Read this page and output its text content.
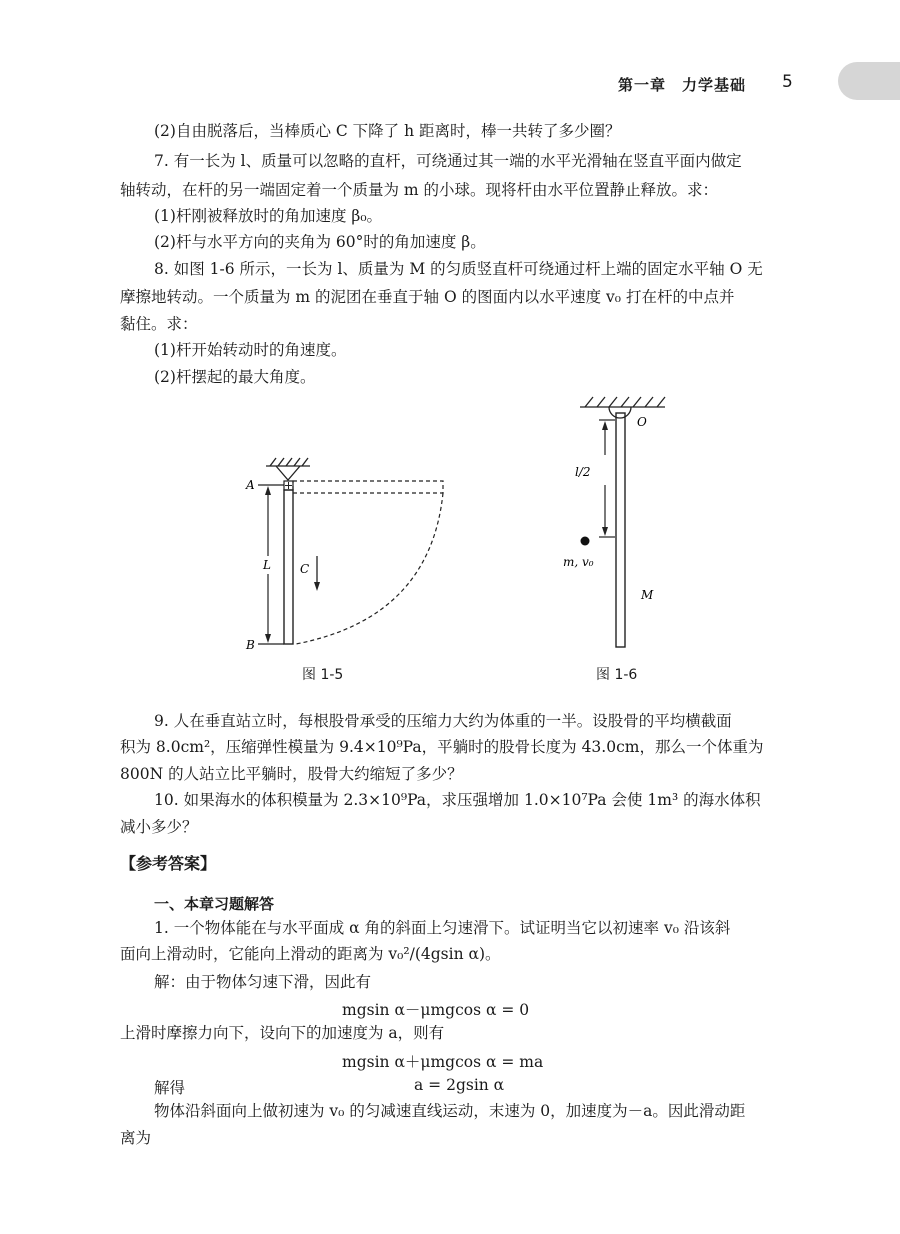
第一章　力学基础 5
(2)自由脱落后，当棒质心 C 下降了 h 距离时，棒一共转了多少圈？
7. 有一长为 l、质量可以忽略的直杆，可绕通过其一端的水平光滑轴在竖直平面内做定
轴转动，在杆的另一端固定着一个质量为 m 的小球。现将杆由水平位置静止释放。求：
(1)杆刚被释放时的角加速度 β₀。
(2)杆与水平方向的夹角为 60°时的角加速度 β。
8. 如图 1-6 所示，一长为 l、质量为 M 的匀质竖直杆可绕通过杆上端的固定水平轴 O 无
摩擦地转动。一个质量为 m 的泥团在垂直于轴 O 的图面内以水平速度 v₀ 打在杆的中点并
黏住。求：
(1)杆开始转动时的角速度。
(2)杆摆起的最大角度。
A
B
L C
图 1-5
O
l/2
m, v₀
M
图 1-6
9. 人在垂直站立时，每根股骨承受的压缩力大约为体重的一半。设股骨的平均横截面
积为 8.0cm²，压缩弹性模量为 9.4×10⁹Pa，平躺时的股骨长度为 43.0cm，那么一个体重为
800N 的人站立比平躺时，股骨大约缩短了多少？
10. 如果海水的体积模量为 2.3×10⁹Pa，求压强增加 1.0×10⁷Pa 会使 1m³ 的海水体积
减小多少？
【参考答案】
一、本章习题解答
1. 一个物体能在与水平面成 α 角的斜面上匀速滑下。试证明当它以初速率 v₀ 沿该斜
面向上滑动时，它能向上滑动的距离为 v₀²/(4gsin α)。
解：由于物体匀速下滑，因此有
mgsin α－μmgcos α = 0
上滑时摩擦力向下，设向下的加速度为 a，则有
mgsin α＋μmgcos α = ma
解得	a = 2gsin α
物体沿斜面向上做初速为 v₀ 的匀减速直线运动，末速为 0，加速度为－a。因此滑动距
离为
